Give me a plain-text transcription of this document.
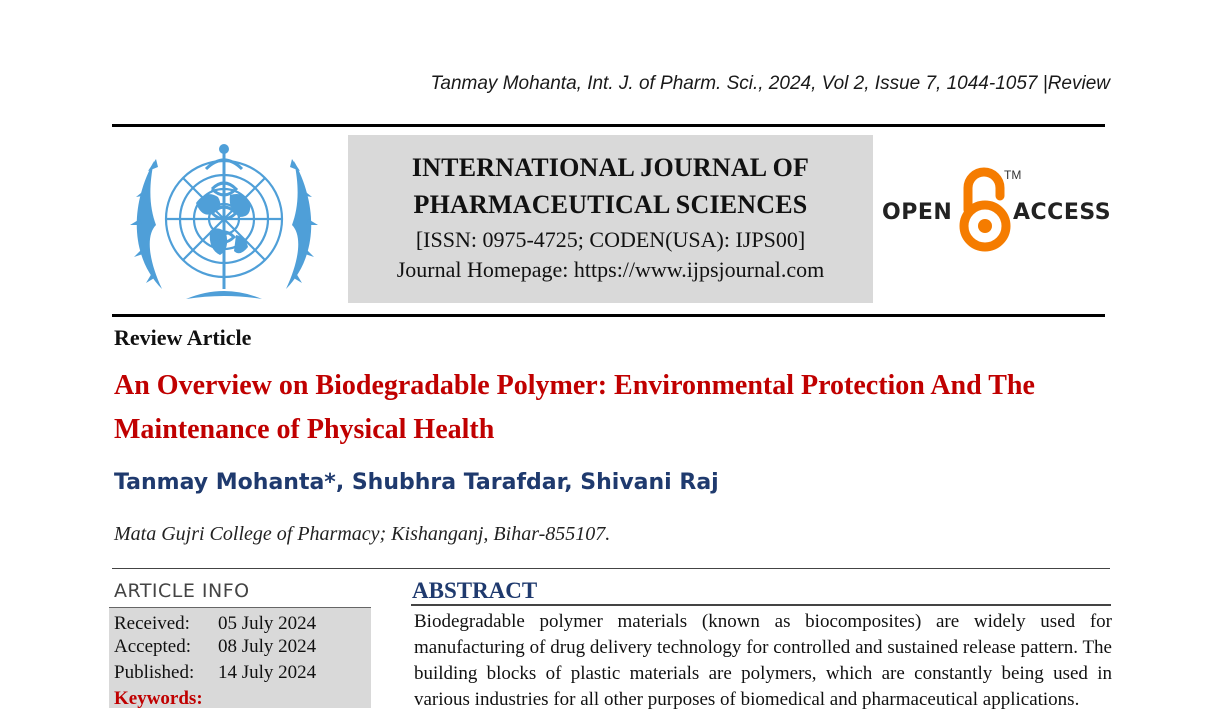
Tanmay Mohanta, Int. J. of Pharm. Sci., 2024, Vol 2, Issue 7, 1044-1057 |Review
INTERNATIONAL JOURNAL OF
PHARMACEUTICAL SCIENCES
[ISSN: 0975-4725; CODEN(USA): IJPS00]
Journal Homepage: https://www.ijpsjournal.com
OPEN
TM
ACCESS
Review Article
An Overview on Biodegradable Polymer: Environmental Protection And The Maintenance of Physical Health
Tanmay Mohanta*, Shubhra Tarafdar, Shivani Raj
Mata Gujri College of Pharmacy; Kishanganj, Bihar-855107.
ARTICLE INFO
Received: 05 July 2024
Accepted: 08 July 2024
Published: 14 July 2024
Keywords:
ABSTRACT
Biodegradable polymer materials (known as biocomposites) are widely used for manufacturing of drug delivery technology for controlled and sustained release pattern. The building blocks of plastic materials are polymers, which are constantly being used in various industries for all other purposes of biomedical and pharmaceutical applications.
